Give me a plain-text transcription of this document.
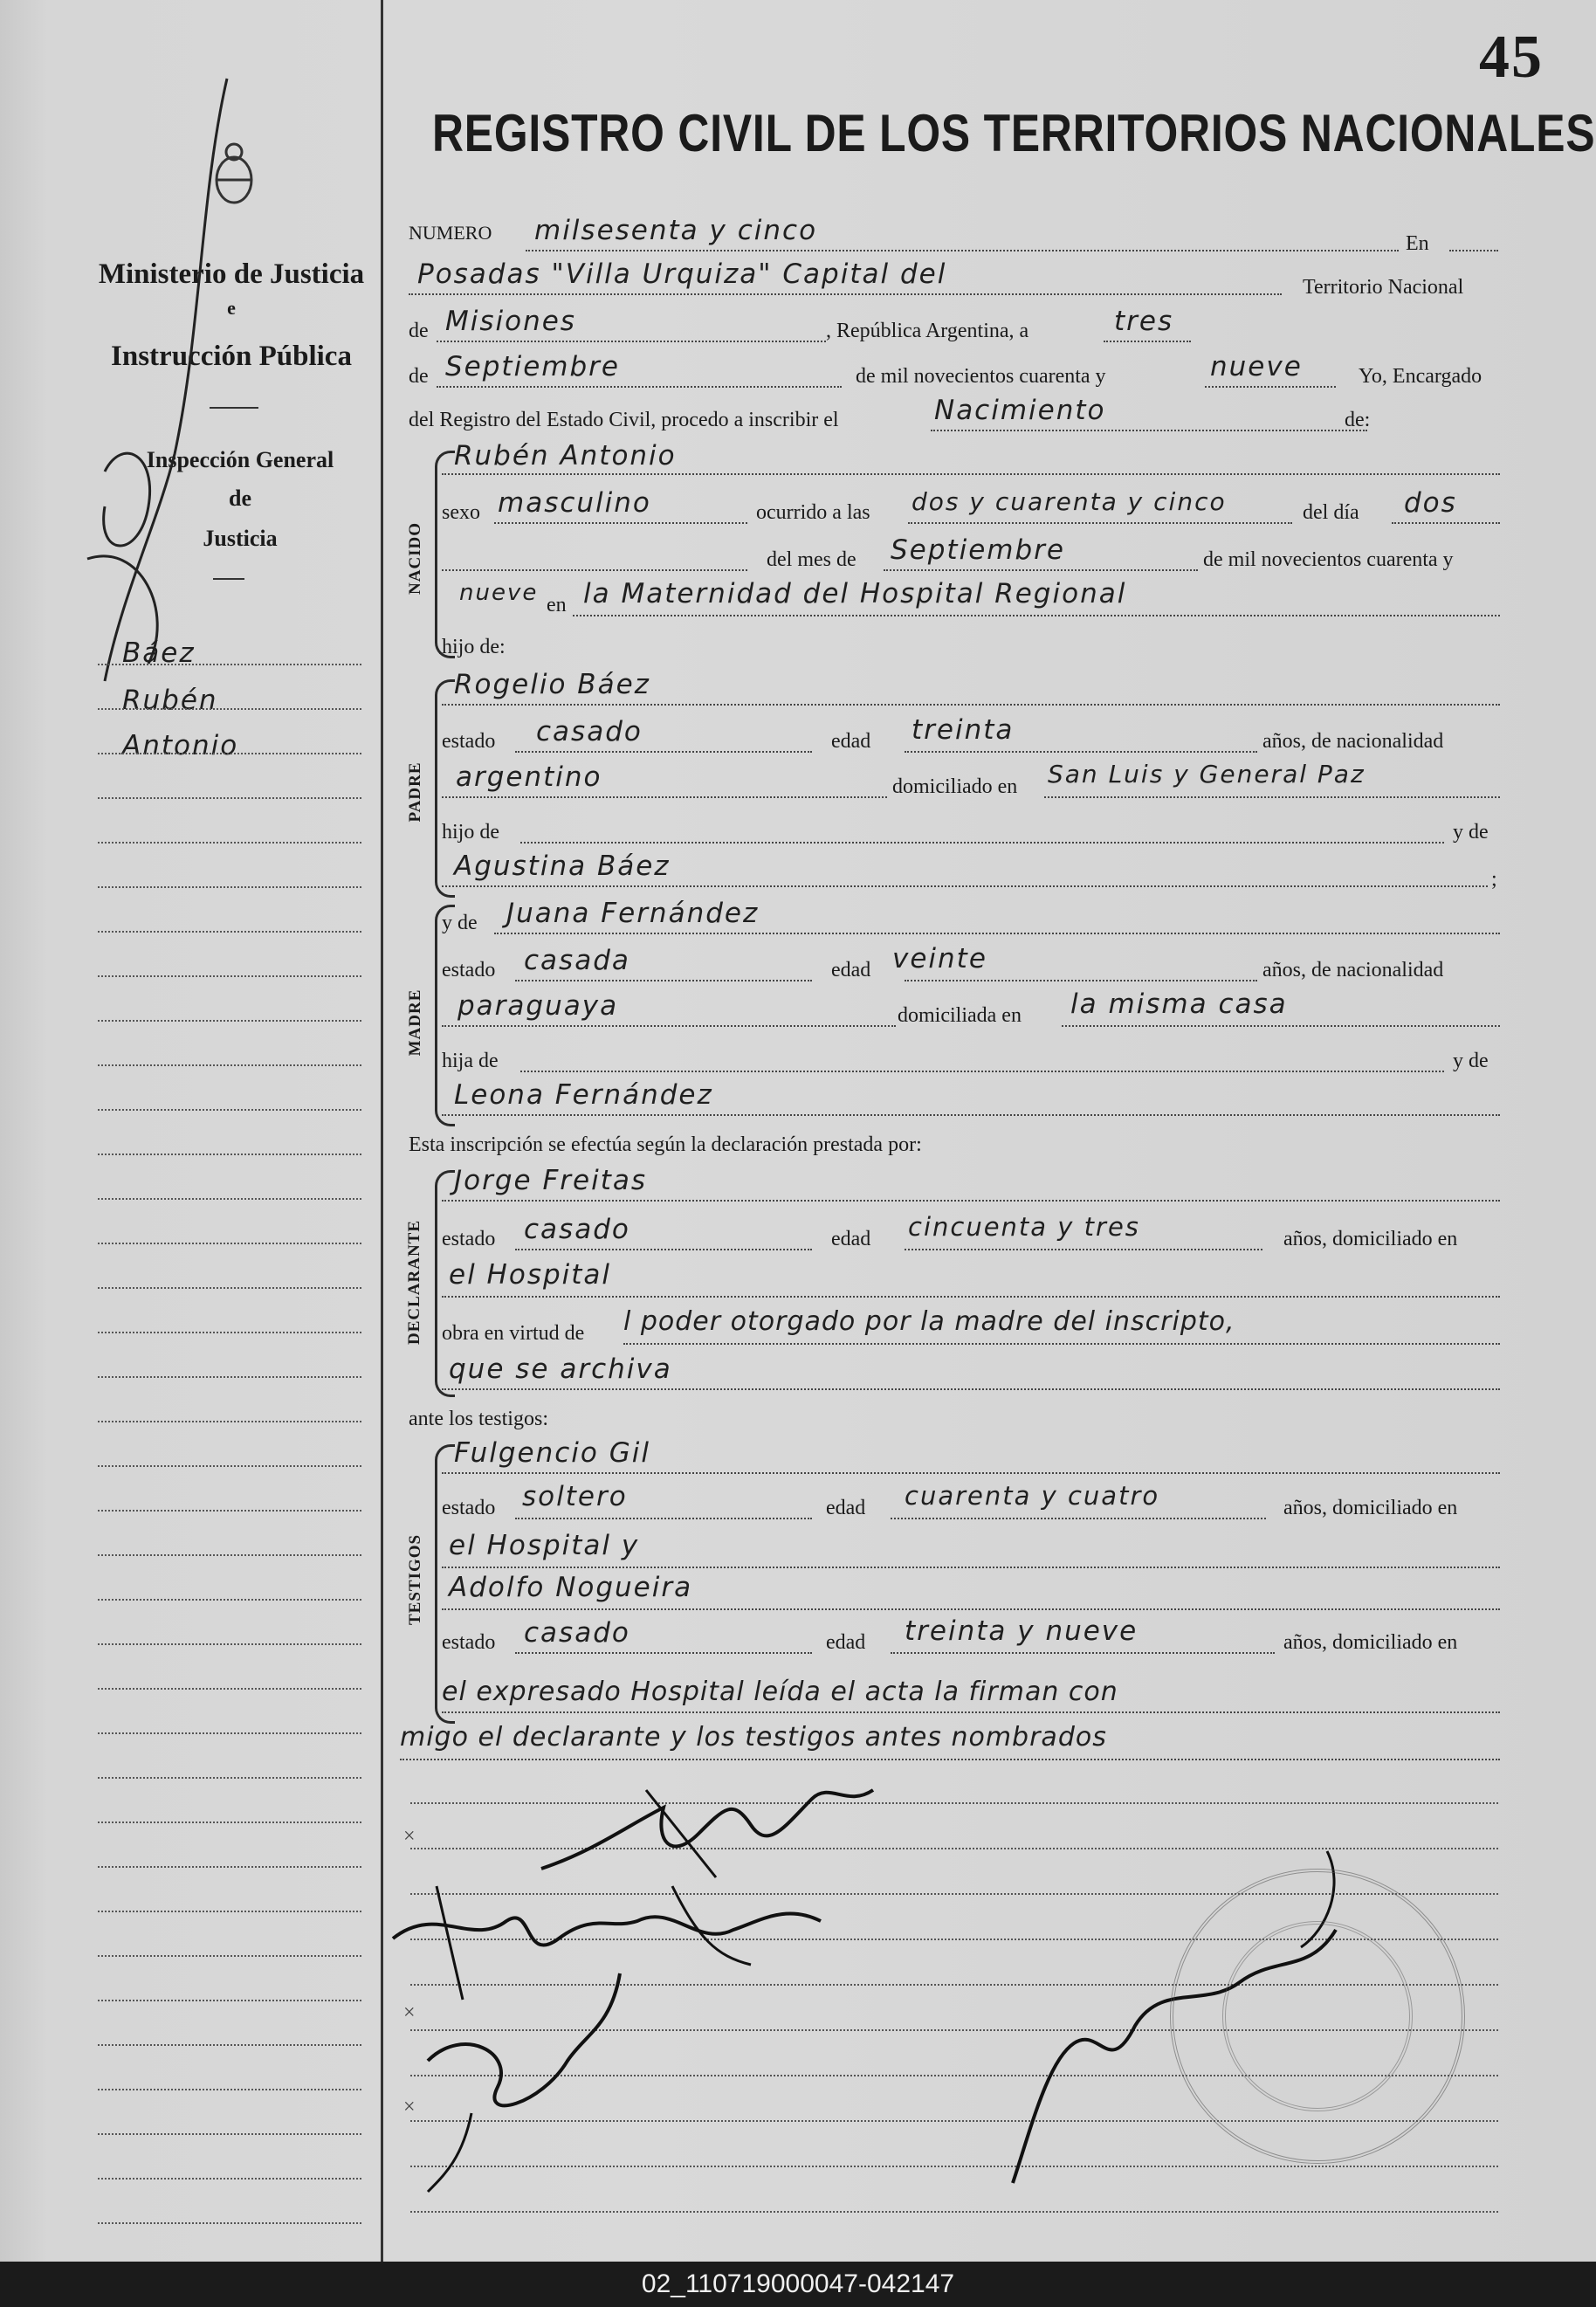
45
REGISTRO CIVIL DE LOS TERRITORIOS NACIONALES
Ministerio de Justicia
e
Instrucción Pública
Inspección General
de
Justicia
Báez
Rubén
Antonio
NUMERO milsesenta y cinco	En
Posadas "Villa Urquiza" Capital del	Territorio Nacional
de Misiones	, República Argentina, a	tres
de Septiembre	de mil novecientos cuarenta y	nueve	Yo, Encargado
del Registro del Estado Civil, procedo a inscribir el	Nacimiento	de:
NACIDO
Rubén Antonio
sexo masculino	ocurrido a las dos y cuarenta y cinco	del día dos
del mes de Septiembre	de mil novecientos cuarenta y
nueve en la Maternidad del Hospital Regional
hijo de:
PADRE
Rogelio Báez
estado casado	edad treinta	años, de nacionalidad
argentino	domiciliado en San Luis y General Paz
hijo de	y de
Agustina Báez	;
MADRE
y de Juana Fernández
estado casada	edad veinte	años, de nacionalidad
paraguaya	domiciliada en la misma casa
hija de	y de
Leona Fernández
Esta inscripción se efectúa según la declaración prestada por:
DECLARANTE
Jorge Freitas
estado casado	edad cincuenta y tres	años, domiciliado en
el Hospital
obra en virtud de l poder otorgado por la madre del inscripto,
que se archiva
ante los testigos:
TESTIGOS
Fulgencio Gil
estado soltero	edad cuarenta y cuatro	años, domiciliado en
el Hospital y
Adolfo Nogueira
estado casado	edad treinta y nueve	años, domiciliado en
el expresado Hospital leída el acta la firman con
migo el declarante y los testigos antes nombrados
×
×
×
02_110719000047-042147
